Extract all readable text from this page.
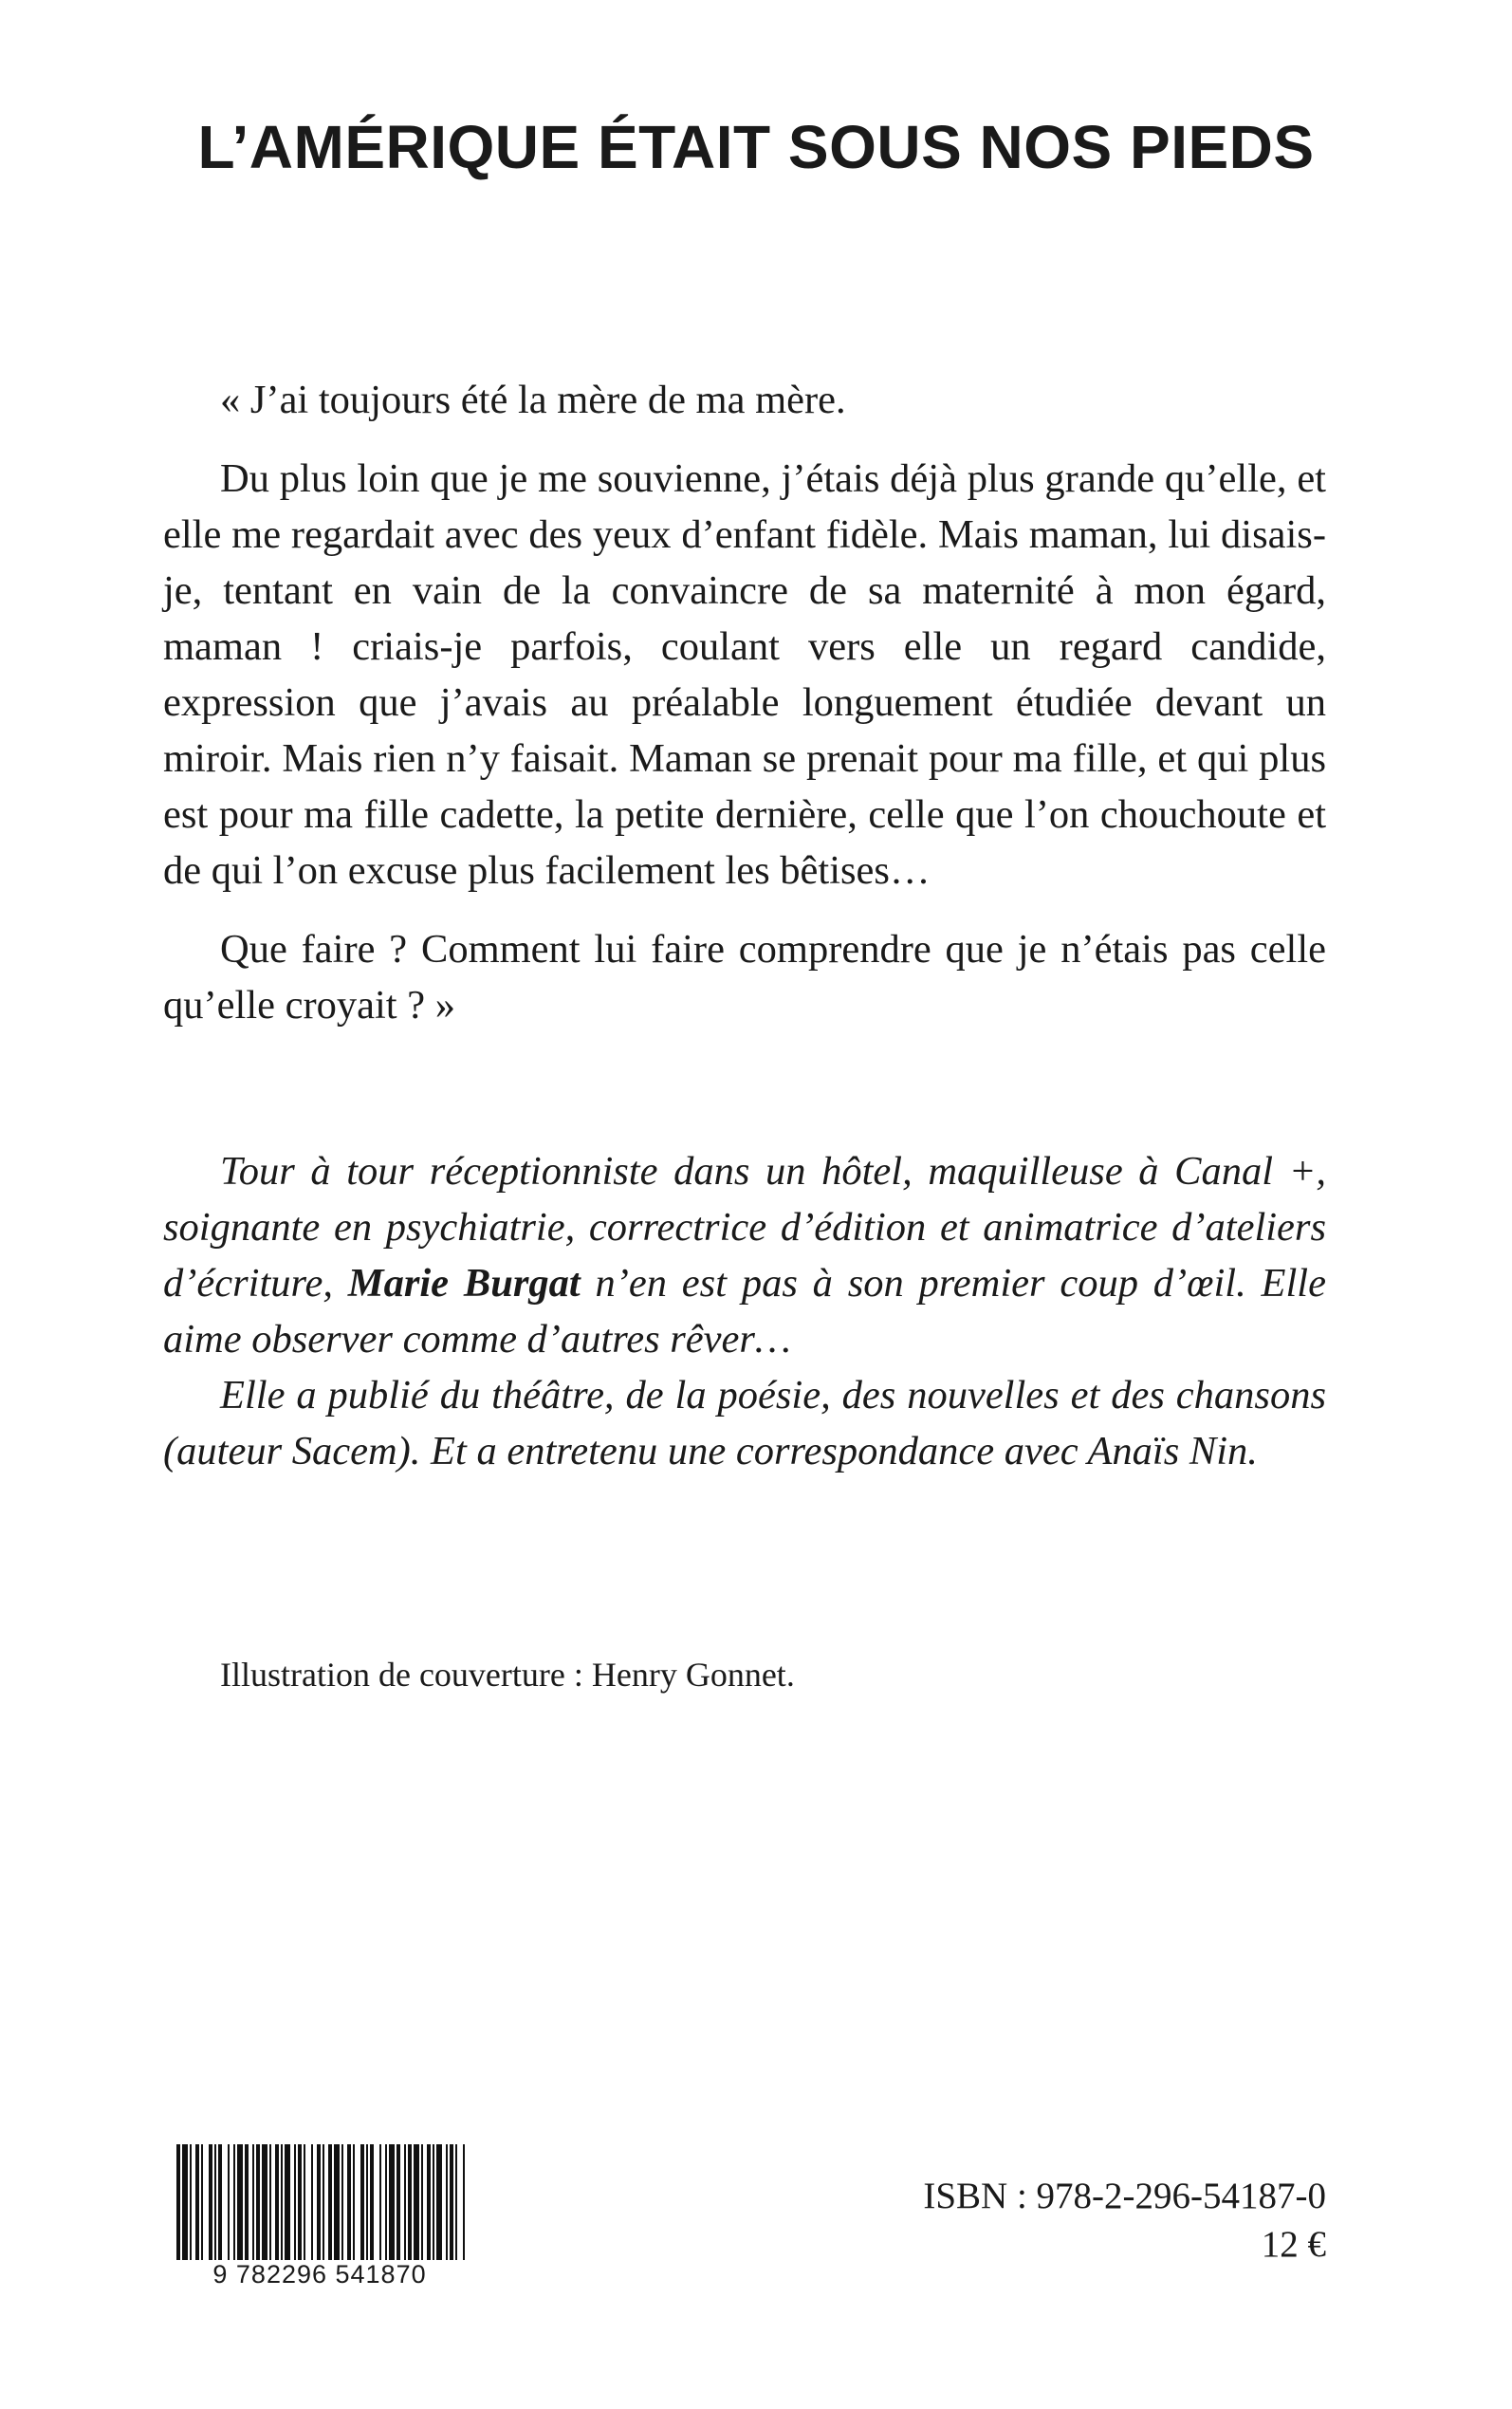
L’AMÉRIQUE ÉTAIT SOUS NOS PIEDS

« J’ai toujours été la mère de ma mère.

Du plus loin que je me souvienne, j’étais déjà plus grande qu’elle, et elle me regardait avec des yeux d’enfant fidèle. Mais maman, lui disais-je, tentant en vain de la convaincre de sa maternité à mon égard, maman ! criais-je parfois, coulant vers elle un regard candide, expression que j’avais au préalable longuement étudiée devant un miroir. Mais rien n’y faisait. Maman se prenait pour ma fille, et qui plus est pour ma fille cadette, la petite dernière, celle que l’on chouchoute et de qui l’on excuse plus facilement les bêtises…

Que faire ? Comment lui faire comprendre que je n’étais pas celle qu’elle croyait ? »

Tour à tour réceptionniste dans un hôtel, maquilleuse à Canal +, soignante en psychiatrie, correctrice d’édition et animatrice d’ateliers d’écriture, Marie Burgat n’en est pas à son premier coup d’œil. Elle aime observer comme d’autres rêver…

Elle a publié du théâtre, de la poésie, des nouvelles et des chansons (auteur Sacem). Et a entretenu une correspondance avec Anaïs Nin.

Illustration de couverture : Henry Gonnet.

9 782296 541870

ISBN : 978-2-296-54187-0

12 €
